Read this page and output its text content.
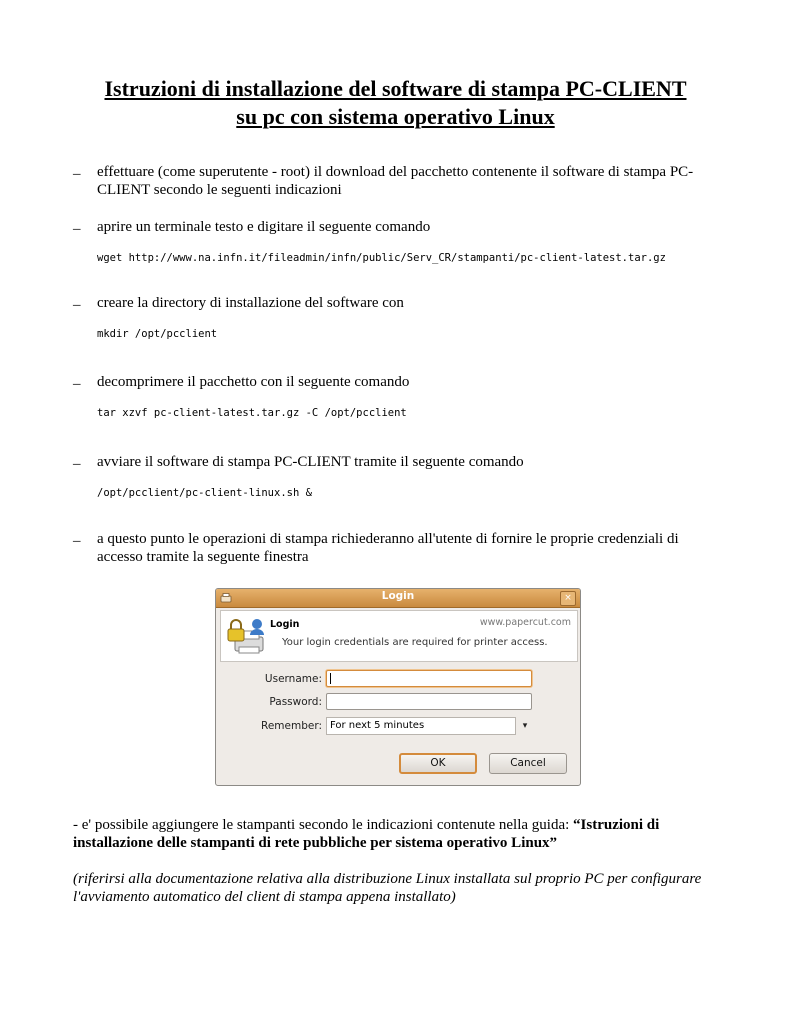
Istruzioni di installazione del software di stampa PC-CLIENT
su pc con sistema operativo Linux
– effettuare (come superutente - root) il download del pacchetto contenente il software di stampa PC-CLIENT secondo le seguenti indicazioni
– aprire un terminale testo e digitare il seguente comando
wget http://www.na.infn.it/fileadmin/infn/public/Serv_CR/stampanti/pc-client-latest.tar.gz
– creare la directory di installazione del software con
mkdir /opt/pcclient
– decomprimere il pacchetto con il seguente comando
tar xzvf pc-client-latest.tar.gz -C /opt/pcclient
– avviare il software di stampa PC-CLIENT tramite il seguente comando
/opt/pcclient/pc-client-linux.sh &
– a questo punto le operazioni di stampa richiederanno all'utente di fornire le proprie credenziali di accesso tramite la seguente finestra
Login	×
Login	www.papercut.com
Your login credentials are required for printer access.
Username:
Password:
Remember: For next 5 minutes	▾
OK	Cancel
- e' possibile aggiungere le stampanti secondo le indicazioni contenute nella guida: “Istruzioni di installazione delle stampanti di rete pubbliche per sistema operativo Linux”
(riferirsi alla documentazione relativa alla distribuzione Linux installata sul proprio PC per configurare l'avviamento automatico del client di stampa appena installato)
